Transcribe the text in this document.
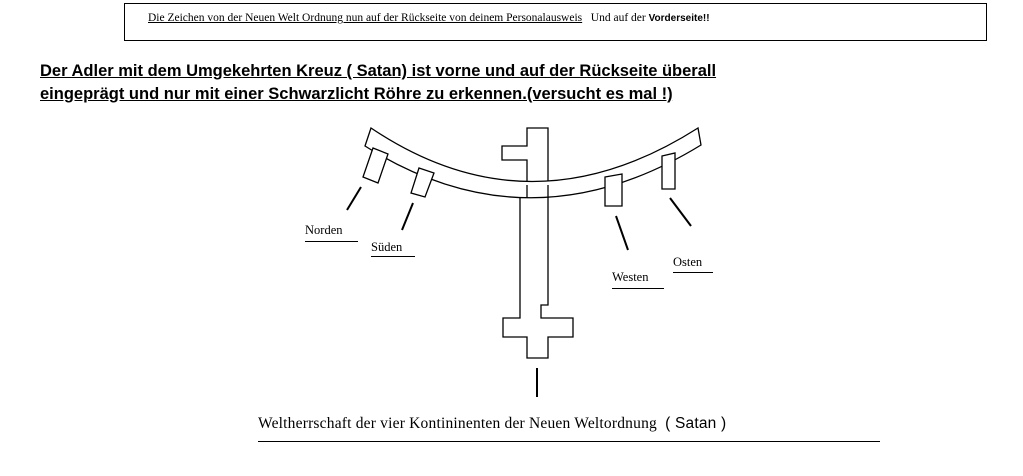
Die Zeichen von der Neuen Welt Ordnung nun auf der Rückseite von deinem Personalausweis Und auf der Vorderseite!!
Der Adler mit dem Umgekehrten Kreuz ( Satan) ist vorne und auf der Rückseite überall
eingeprägt und nur mit einer Schwarzlicht Röhre zu erkennen.(versucht es mal !)
Norden
Süden
Westen
Osten
Weltherrschaft der vier Kontininenten der Neuen Weltordnung ( Satan )
